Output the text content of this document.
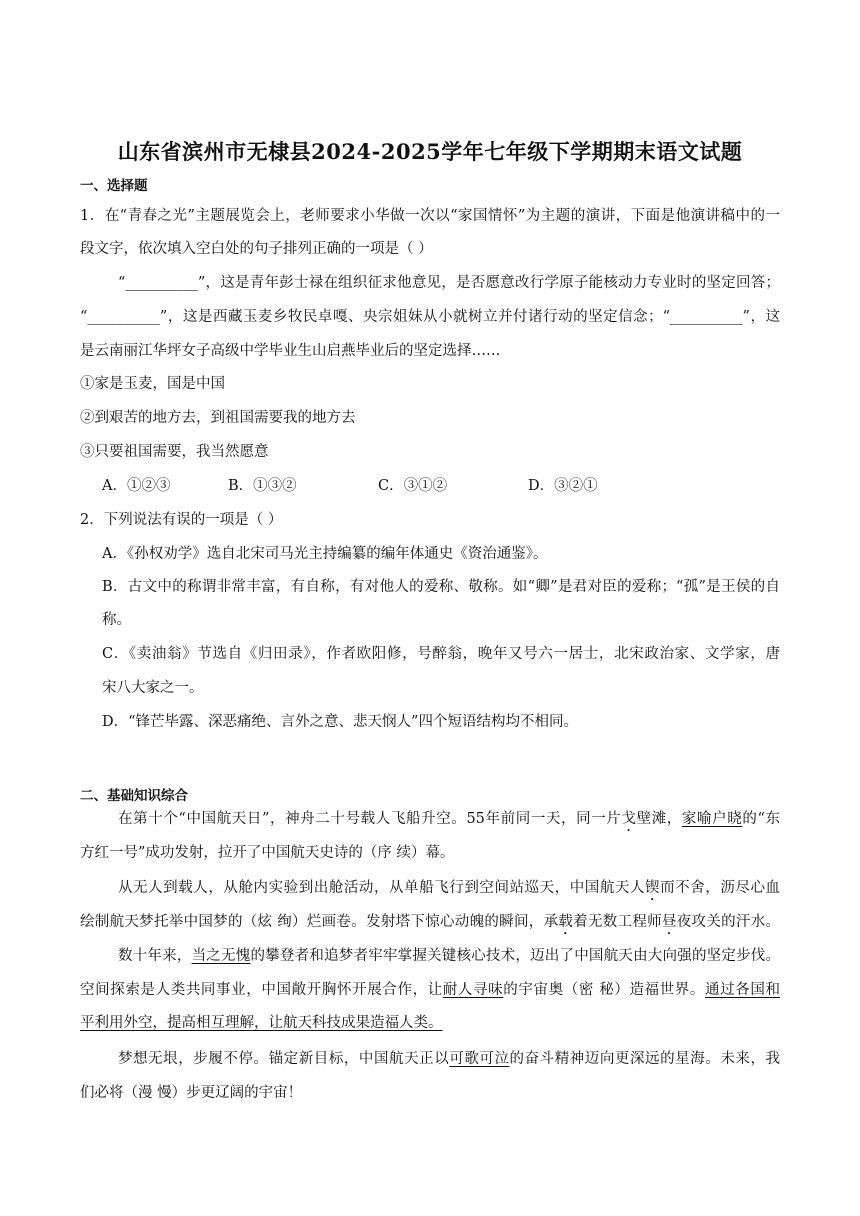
山东省滨州市无棣县2024-2025学年七年级下学期期末语文试题
一、选择题
1．在“青春之光”主题展览会上，老师要求小华做一次以“家国情怀”为主题的演讲，下面是他演讲稿中的一
段文字，依次填入空白处的句子排列正确的一项是（ ）
“__________”，这是青年彭士禄在组织征求他意见，是否愿意改行学原子能核动力专业时的坚定回答；
“__________”，这是西藏玉麦乡牧民卓嘎、央宗姐妹从小就树立并付诸行动的坚定信念；“__________”，这
是云南丽江华坪女子高级中学毕业生山启燕毕业后的坚定选择……
①家是玉麦，国是中国
②到艰苦的地方去，到祖国需要我的地方去
③只要祖国需要，我当然愿意
A．①②③	B．①③②	C．③①②	D．③②①
2．下列说法有误的一项是（ ）
A．《孙权劝学》选自北宋司马光主持编纂的编年体通史《资治通鉴》。
B．古文中的称谓非常丰富，有自称，有对他人的爱称、敬称。如“卿”是君对臣的爱称；“孤”是王侯的自
称。
C．《卖油翁》节选自《归田录》，作者欧阳修，号醉翁，晚年又号六一居士，北宋政治家、文学家，唐
宋八大家之一。
D．“锋芒毕露、深恶痛绝、言外之意、悲天悯人”四个短语结构均不相同。
二、基础知识综合
在第十个“中国航天日”，神舟二十号载人飞船升空。55年前同一天，同一片戈壁滩，家喻户晓的“东
方红一号”成功发射，拉开了中国航天史诗的（序 续）幕。
从无人到载人，从舱内实验到出舱活动，从单船飞行到空间站巡天，中国航天人锲而不舍，沥尽心血
绘制航天梦托举中国梦的（炫 绚）烂画卷。发射塔下惊心动魄的瞬间，承载着无数工程师昼夜攻关的汗水。
数十年来，当之无愧的攀登者和追梦者牢牢掌握关键核心技术，迈出了中国航天由大向强的坚定步伐。
空间探索是人类共同事业，中国敞开胸怀开展合作，让耐人寻味的宇宙奥（密 秘）造福世界。通过各国和
平利用外空，提高相互理解，让航天科技成果造福人类。
梦想无垠，步履不停。锚定新目标，中国航天正以可歌可泣的奋斗精神迈向更深远的星海。未来，我
们必将（漫 慢）步更辽阔的宇宙！
